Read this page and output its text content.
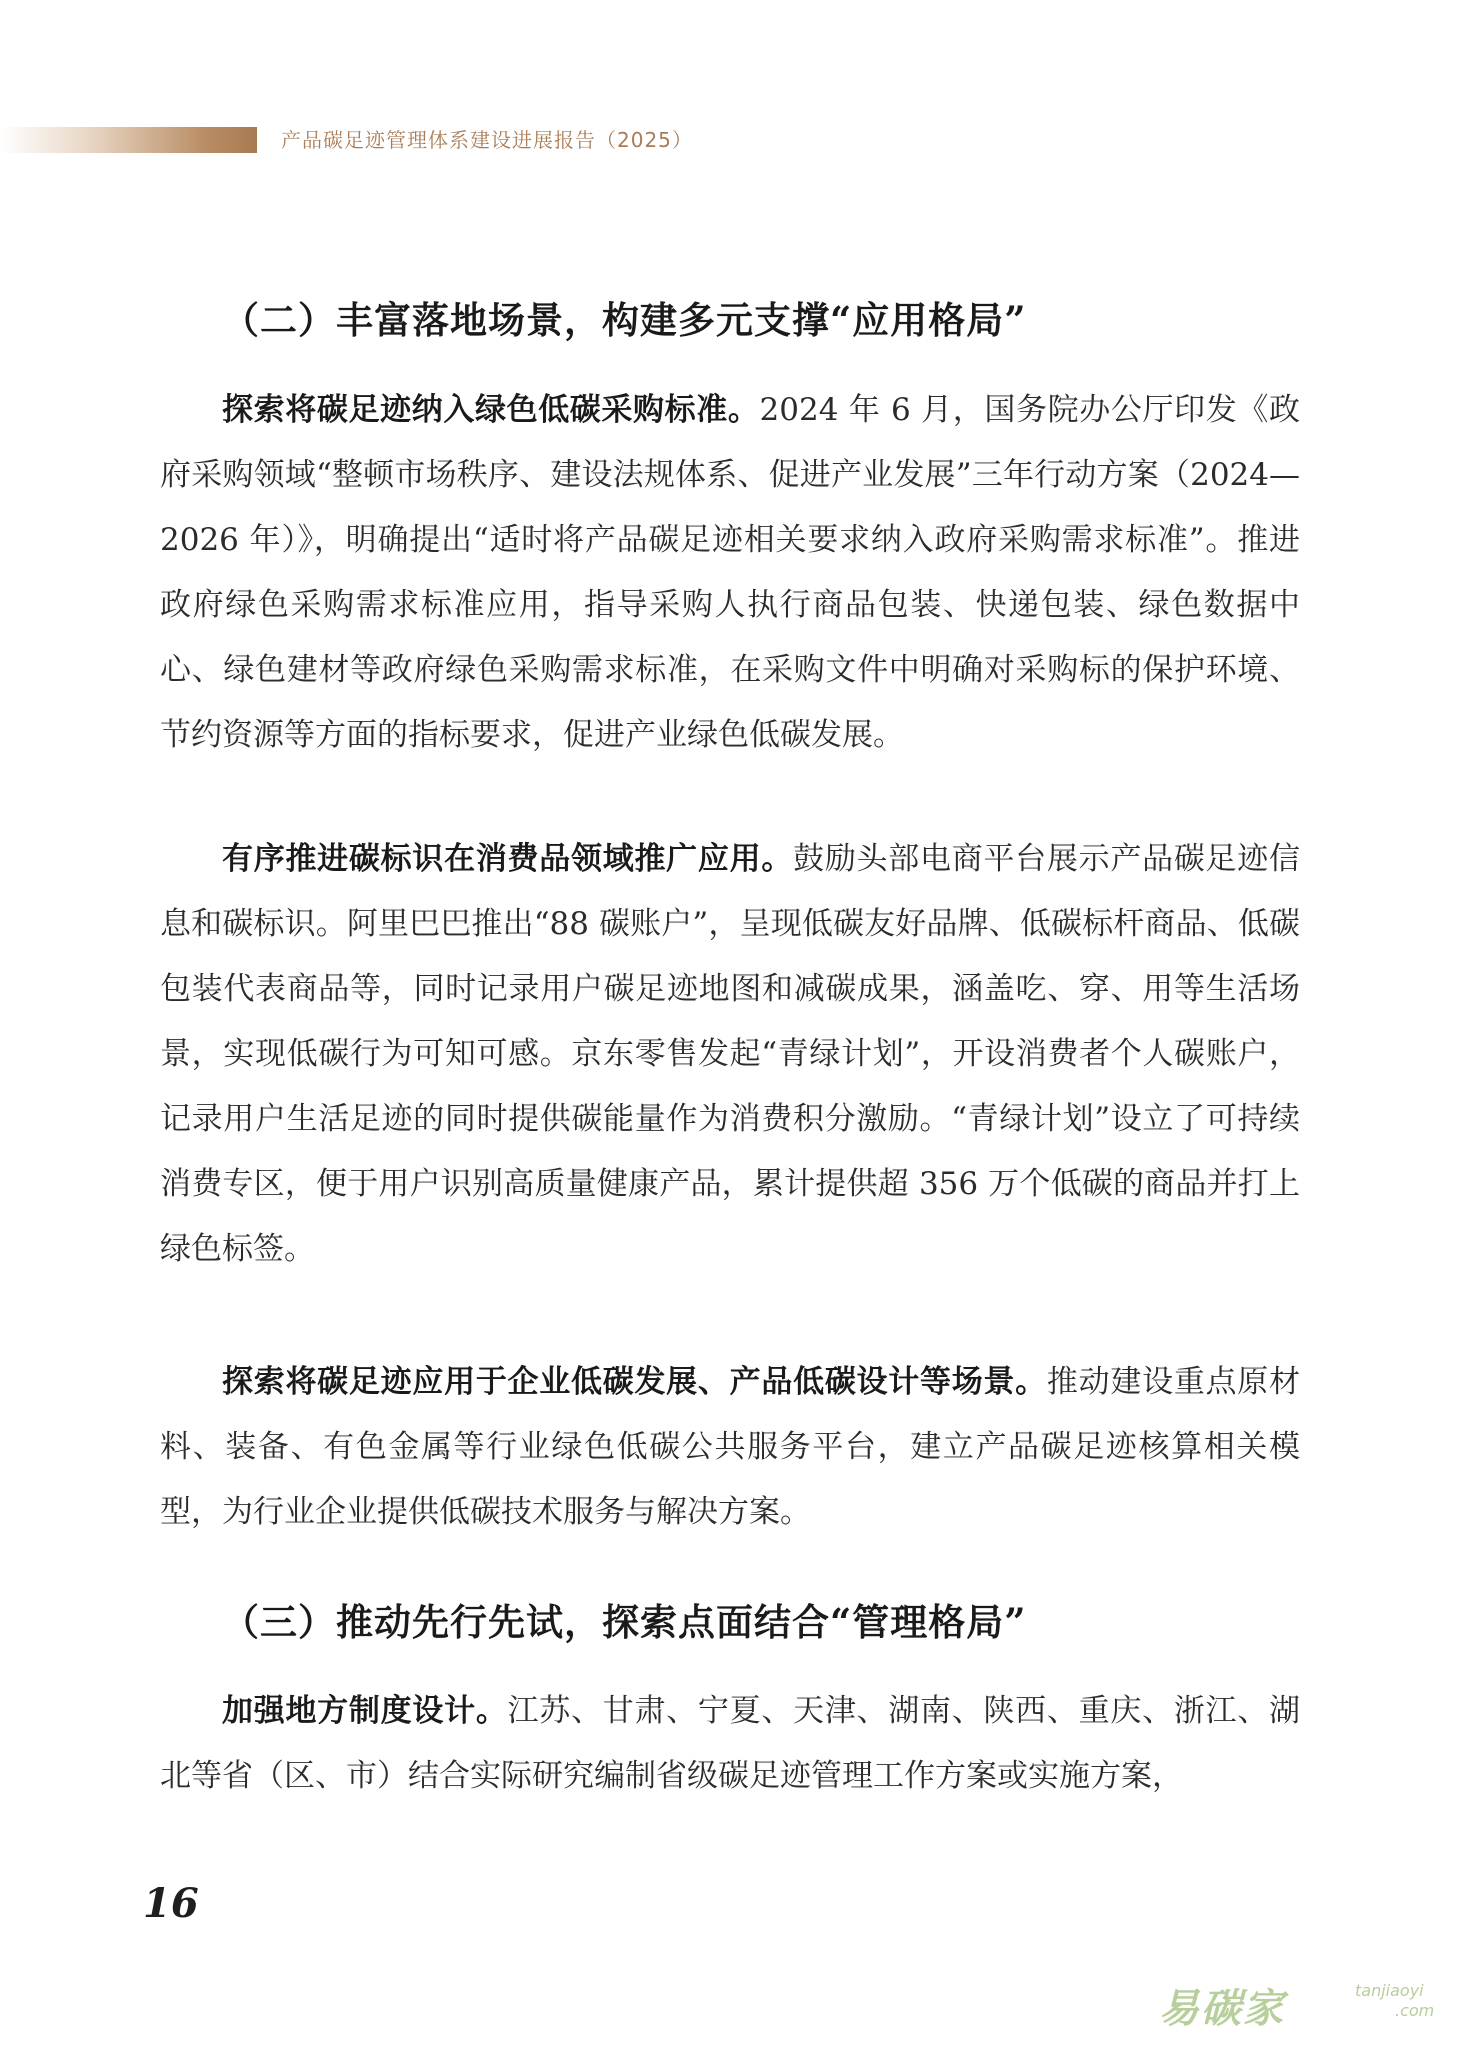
产品碳足迹管理体系建设进展报告（2025）
（二）丰富落地场景，构建多元支撑“应用格局”

探索将碳足迹纳入绿色低碳采购标准。2024 年 6 月，国务院办公厅印发《政府采购领域“整顿市场秩序、建设法规体系、促进产业发展”三年行动方案（2024—2026 年）》，明确提出“适时将产品碳足迹相关要求纳入政府采购需求标准”。推进政府绿色采购需求标准应用，指导采购人执行商品包装、快递包装、绿色数据中心、绿色建材等政府绿色采购需求标准，在采购文件中明确对采购标的保护环境、节约资源等方面的指标要求，促进产业绿色低碳发展。

有序推进碳标识在消费品领域推广应用。鼓励头部电商平台展示产品碳足迹信息和碳标识。阿里巴巴推出“88 碳账户”，呈现低碳友好品牌、低碳标杆商品、低碳包装代表商品等，同时记录用户碳足迹地图和减碳成果，涵盖吃、穿、用等生活场景，实现低碳行为可知可感。京东零售发起“青绿计划”，开设消费者个人碳账户，记录用户生活足迹的同时提供碳能量作为消费积分激励。“青绿计划”设立了可持续消费专区，便于用户识别高质量健康产品，累计提供超 356 万个低碳的商品并打上绿色标签。

探索将碳足迹应用于企业低碳发展、产品低碳设计等场景。推动建设重点原材料、装备、有色金属等行业绿色低碳公共服务平台，建立产品碳足迹核算相关模型，为行业企业提供低碳技术服务与解决方案。

（三）推动先行先试，探索点面结合“管理格局”

加强地方制度设计。江苏、甘肃、宁夏、天津、湖南、陕西、重庆、浙江、湖北等省（区、市）结合实际研究编制省级碳足迹管理工作方案或实施方案，

16
易碳家	tanjiaoyi
.com
